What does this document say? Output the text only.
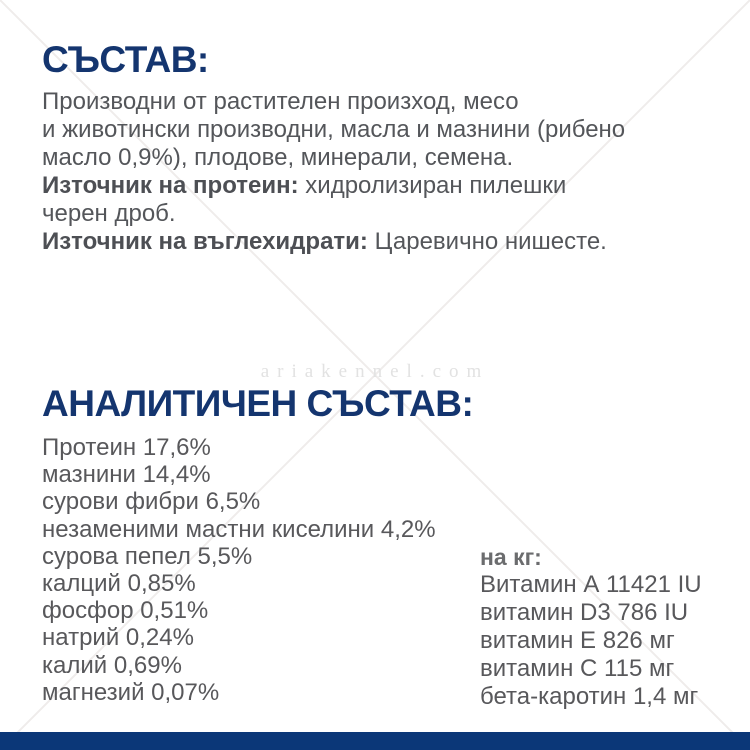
ariakennel.com
СЪСТАВ:
Производни от растителен произход, месо
и животински производни, масла и мазнини (рибено
масло 0,9%), плодове, минерали, семена.
Източник на протеин: хидролизиран пилешки
черен дроб.
Източник на въглехидрати: Царевично нишесте.
АНАЛИТИЧЕН СЪСТАВ:
Протеин 17,6%
мазнини 14,4%
сурови фибри 6,5%
незаменими мастни киселини 4,2%
сурова пепел 5,5%
калций 0,85%
фосфор 0,51%
натрий 0,24%
калий 0,69%
магнезий 0,07%
на кг:
Витамин А 11421 IU
витамин D3 786 IU
витамин Е 826 мг
витамин С 115 мг
бета-каротин 1,4 мг
